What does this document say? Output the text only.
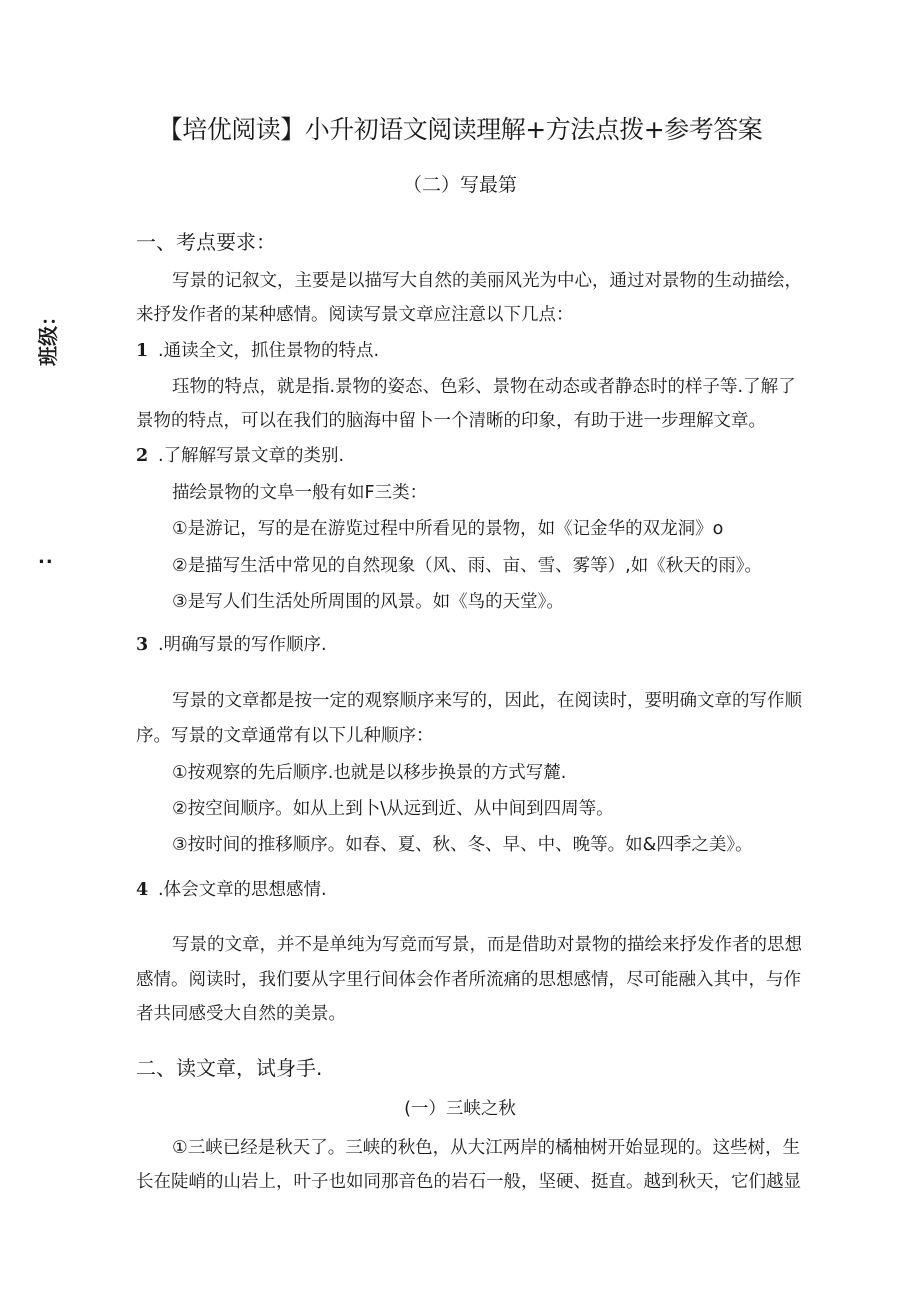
【培优阅读】小升初语文阅读理解+方法点拨+参考答案

（二）写最第

班级：
..
一、考点要求：

写景的记叙文，主要是以描写大自然的美丽风光为中心，通过对景物的生动描绘，

来抒发作者的某种感情。阅读写景文章应注意以下几点：

1 .通读全文，抓住景物的特点.

珏物的特点，就是指.景物的姿态、色彩、景物在动态或者静态时的样子等.了解了

景物的特点，可以在我们的脑海中留卜一个清晰的印象，有助于进一步理解文章。

2 .了解解写景文章的类别.

描绘景物的文阜一般有如F三类：

①是游记，写的是在游览过程中所看见的景物，如《记金华的双龙洞》o

②是描写生活中常见的自然现象（风、雨、亩、雪、雾等）,如《秋天的雨》。

③是写人们生活处所周围的风景。如《鸟的天堂》。

3 .明确写景的写作顺序.

写景的文章都是按一定的观察顺序来写的，因此，在阅读时，要明确文章的写作顺

序。写景的文章通常有以下儿种顺序：

①按观察的先后顺序.也就是以移步换景的方式写麓.

②按空间顺序。如从上到卜\从远到近、从中间到四周等。

③按时间的推移顺序。如春、夏、秋、冬、早、中、晚等。如&四季之美》。

4 .体会文章的思想感情.

写景的文章，并不是单纯为写竞而写景，而是借助对景物的描绘来抒发作者的思想

感情。阅读时，我们要从字里行间体会作者所流痛的思想感情，尽可能融入其中，与作

者共同感受大自然的美景。

二、读文章，试身手.

(一）三峡之秋

①三峡已经是秋天了。三峡的秋色，从大江两岸的橘柚树开始显现的。这些树，生

长在陡峭的山岩上，叶子也如同那音色的岩石一般，坚硬、挺直。越到秋天，它们越显
